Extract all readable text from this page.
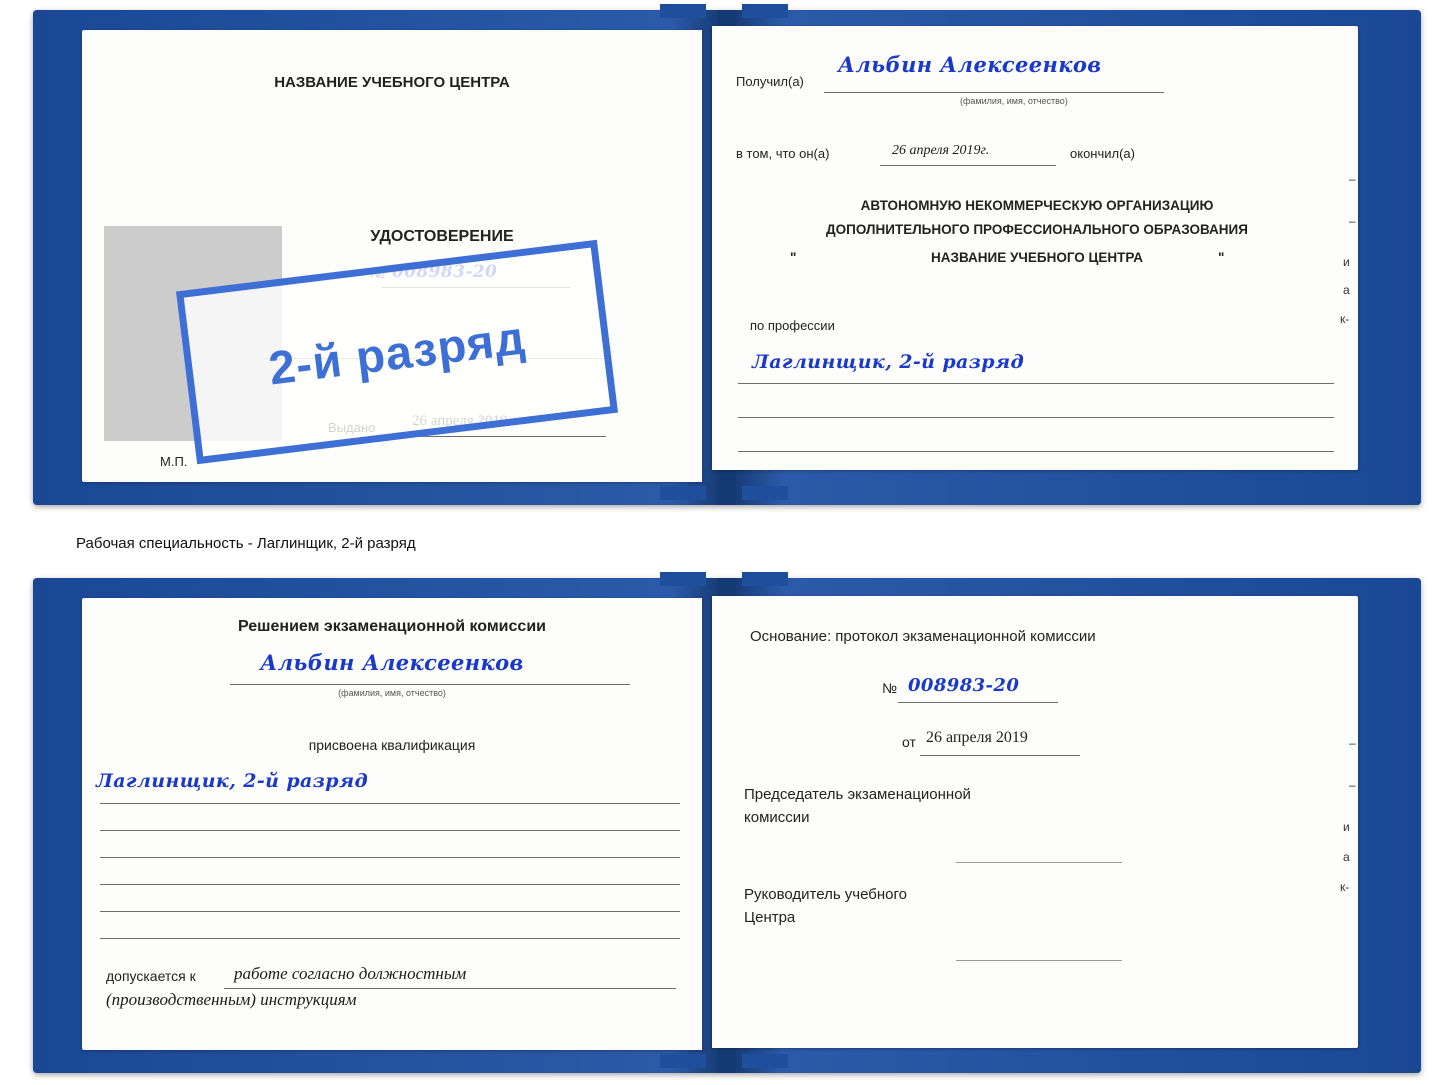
НАЗВАНИЕ УЧЕБНОГО ЦЕНТРА
УДОСТОВЕРЕНИЕ
М.П.
Получил(а)
Альбин Алексеенков
(фамилия, имя, отчество)
в том, что он(а)	26 апреля 2019г.	окончил(а)
АВТОНОМНУЮ НЕКОММЕРЧЕСКУЮ ОРГАНИЗАЦИЮ
ДОПОЛНИТЕЛЬНОГО ПРОФЕССИОНАЛЬНОГО ОБРАЗОВАНИЯ
"	НАЗВАНИЕ УЧЕБНОГО ЦЕНТРА	"
по профессии
Лаглинщик, 2-й разряд
–
–
и
а
к-
2-й разряд
Рабочая специальность - Лаглинщик, 2-й разряд
Решением экзаменационной комиссии
Альбин Алексеенков
(фамилия, имя, отчество)
присвоена квалификация
Лаглинщик, 2-й разряд
допускается к работе согласно должностным
(производственным) инструкциям
Основание: протокол экзаменационной комиссии
№ 008983-20
от 26 апреля 2019
Председатель экзаменационной
комиссии
Руководитель учебного
Центра
–
–
и
а
к-
